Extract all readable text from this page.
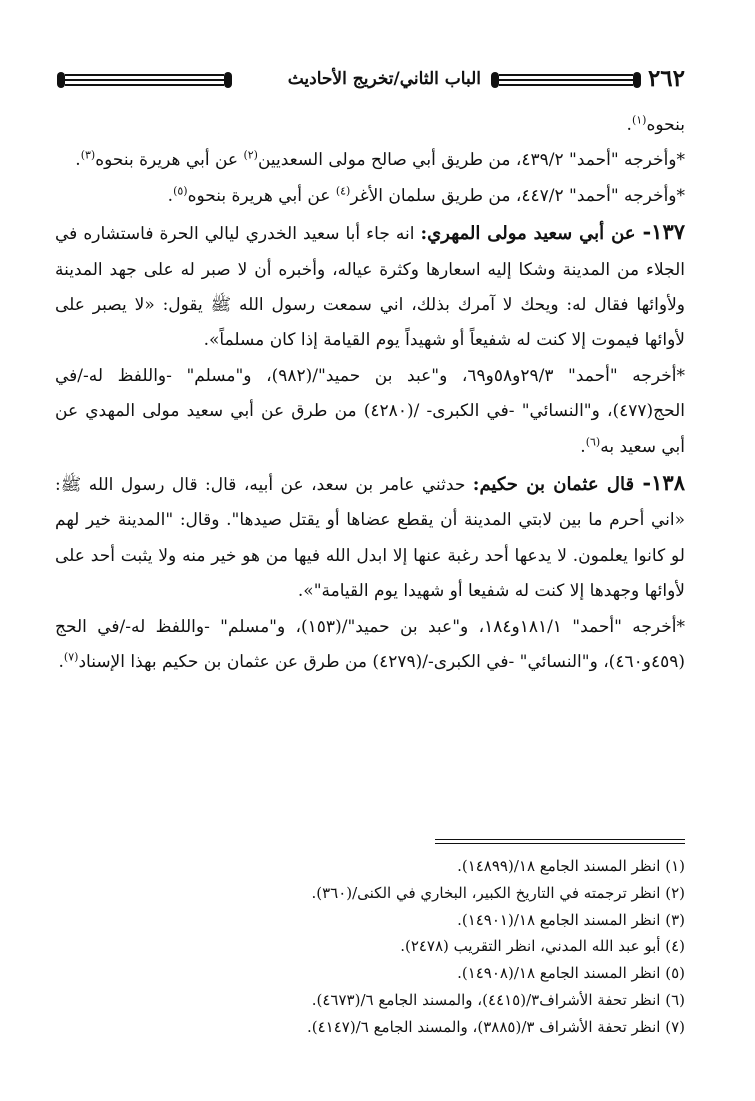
٢٦٢
الباب الثاني/تخريج الأحاديث

بنحوه$^{(١)}$.

*وأخرجه "أحمد" ٤٣٩/٢، من طريق أبي صالح مولى السعديين$^{(٢)}$ عن أبي هريرة بنحوه$^{(٣)}$.

*وأخرجه "أحمد" ٤٤٧/٢، من طريق سلمان الأغر$^{(٤)}$ عن أبي هريرة بنحوه$^{(٥)}$.

١٣٧- عن أبي سعيد مولى المهري: انه جاء أبا سعيد الخدري ليالي الحرة فاستشاره في الجلاء من المدينة وشكا إليه اسعارها وكثرة عياله، وأخبره أن لا صبر له على جهد المدينة ولأوائها فقال له: ويحك لا آمرك بذلك، اني سمعت رسول الله ﷺ يقول: «لا يصبر على لأوائها فيموت إلا كنت له شفيعاً أو شهيداً يوم القيامة إذا كان مسلماً».

*أخرجه "أحمد" ٢٩/٣و٥٨و٦٩، و"عبد بن حميد"/(٩٨٢)، و"مسلم" -واللفظ له-/في الحج(٤٧٧)، و"النسائي" -في الكبرى- /(٤٢٨٠) من طرق عن أبي سعيد مولى المهدي عن أبي سعيد به$^{(٦)}$.

١٣٨- قال عثمان بن حكيم: حدثني عامر بن سعد، عن أبيه، قال: قال رسول الله ﷺ: «اني أحرم ما بين لابتي المدينة أن يقطع عضاها أو يقتل صيدها". وقال: "المدينة خير لهم لو كانوا يعلمون. لا يدعها أحد رغبة عنها إلا ابدل الله فيها من هو خير منه ولا يثبت أحد على لأوائها وجهدها إلا كنت له شفيعا أو شهيدا يوم القيامة"».

*أخرجه "أحمد" ١٨١/١و١٨٤، و"عبد بن حميد"/(١٥٣)، و"مسلم" -واللفظ له-/في الحج (٤٥٩و٤٦٠)، و"النسائي" -في الكبرى-/(٤٢٧٩) من طرق عن عثمان بن حكيم بهذا الإسناد$^{(٧)}$.

(١) انظر المسند الجامع ١٨/(١٤٨٩٩).
(٢) انظر ترجمته في التاريخ الكبير، البخاري في الكنى/(٣٦٠).
(٣) انظر المسند الجامع ١٨/(١٤٩٠١).
(٤) أبو عبد الله المدني، انظر التقريب (٢٤٧٨).
(٥) انظر المسند الجامع ١٨/(١٤٩٠٨).
(٦) انظر تحفة الأشراف٣/(٤٤١٥)، والمسند الجامع ٦/(٤٦٧٣).
(٧) انظر تحفة الأشراف ٣/(٣٨٨٥)، والمسند الجامع ٦/(٤١٤٧).
